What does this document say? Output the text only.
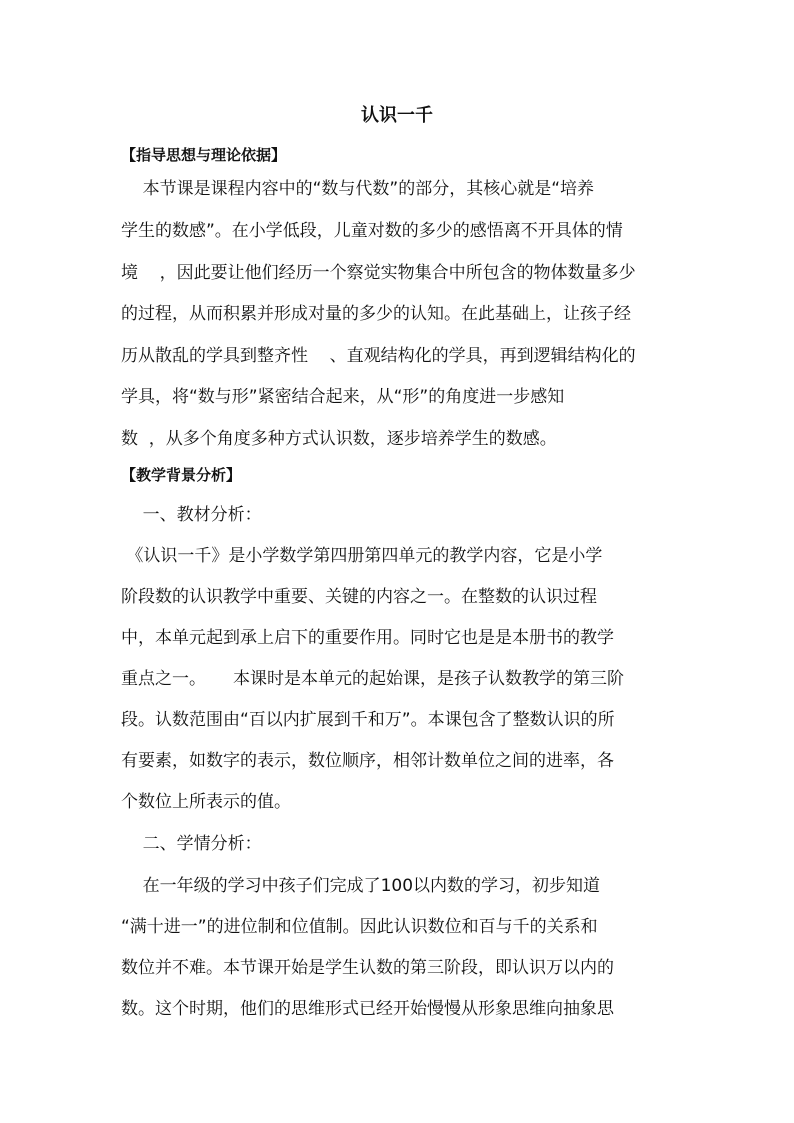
认识一千
【指导思想与理论依据】
本节课是课程内容中的“数与代数”的部分，其核心就是“培养
学生的数感”。在小学低段，儿童对数的多少的感悟离不开具体的情
境    ，因此要让他们经历一个察觉实物集合中所包含的物体数量多少
的过程，从而积累并形成对量的多少的认知。在此基础上，让孩子经
历从散乱的学具到整齐性    、直观结构化的学具，再到逻辑结构化的
学具，将“数与形”紧密结合起来，从“形”的角度进一步感知
数  ，从多个角度多种方式认识数，逐步培养学生的数感。
【教学背景分析】
一、教材分析：
《认识一千》是小学数学第四册第四单元的教学内容，它是小学
阶段数的认识教学中重要、关键的内容之一。在整数的认识过程
中，本单元起到承上启下的重要作用。同时它也是是本册书的教学
重点之一。     本课时是本单元的起始课，是孩子认数教学的第三阶
段。认数范围由“百以内扩展到千和万”。本课包含了整数认识的所
有要素，如数字的表示，数位顺序，相邻计数单位之间的进率，各
个数位上所表示的值。
二、学情分析：
在一年级的学习中孩子们完成了100以内数的学习，初步知道
“满十进一”的进位制和位值制。因此认识数位和百与千的关系和
数位并不难。本节课开始是学生认数的第三阶段，即认识万以内的
数。这个时期，他们的思维形式已经开始慢慢从形象思维向抽象思
